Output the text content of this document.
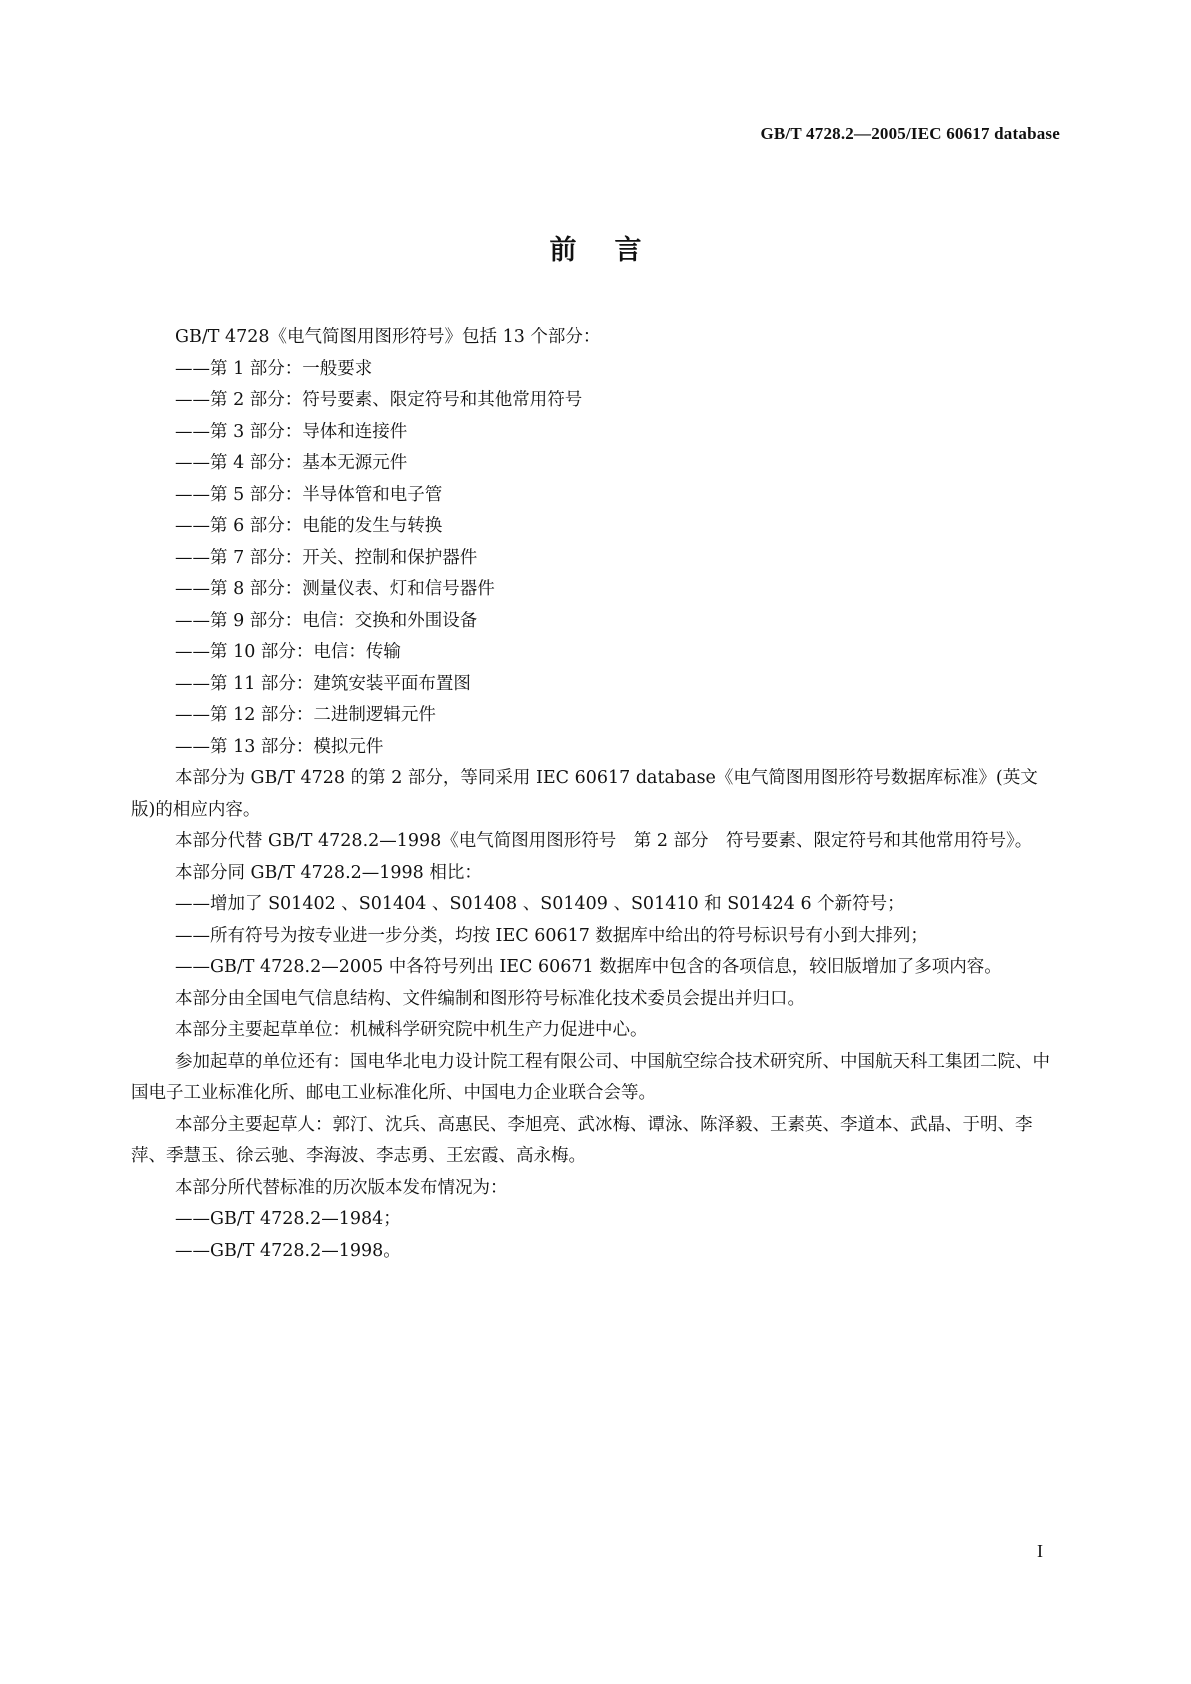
GB/T 4728.2—2005/IEC 60617 database
前言

GB/T 4728《电气简图用图形符号》包括 13 个部分：

——第 1 部分：一般要求

——第 2 部分：符号要素、限定符号和其他常用符号

——第 3 部分：导体和连接件

——第 4 部分：基本无源元件

——第 5 部分：半导体管和电子管

——第 6 部分：电能的发生与转换

——第 7 部分：开关、控制和保护器件

——第 8 部分：测量仪表、灯和信号器件

——第 9 部分：电信：交换和外围设备

——第 10 部分：电信：传输

——第 11 部分：建筑安装平面布置图

——第 12 部分：二进制逻辑元件

——第 13 部分：模拟元件

本部分为 GB/T 4728 的第 2 部分，等同采用 IEC 60617 database《电气简图用图形符号数据库标准》(英文版)的相应内容。

本部分代替 GB/T 4728.2—1998《电气简图用图形符号　第 2 部分　符号要素、限定符号和其他常用符号》。

本部分同 GB/T 4728.2—1998 相比：

——增加了 S01402 、S01404 、S01408 、S01409 、S01410 和 S01424 6 个新符号；

——所有符号为按专业进一步分类，均按 IEC 60617 数据库中给出的符号标识号有小到大排列；

——GB/T 4728.2—2005 中各符号列出 IEC 60671 数据库中包含的各项信息，较旧版增加了多项内容。

本部分由全国电气信息结构、文件编制和图形符号标准化技术委员会提出并归口。

本部分主要起草单位：机械科学研究院中机生产力促进中心。

参加起草的单位还有：国电华北电力设计院工程有限公司、中国航空综合技术研究所、中国航天科工集团二院、中国电子工业标准化所、邮电工业标准化所、中国电力企业联合会等。

本部分主要起草人：郭汀、沈兵、高惠民、李旭亮、武冰梅、谭泳、陈泽毅、王素英、李道本、武晶、于明、李萍、季慧玉、徐云驰、李海波、李志勇、王宏霞、高永梅。

本部分所代替标准的历次版本发布情况为：

——GB/T 4728.2—1984；

——GB/T 4728.2—1998。

I
